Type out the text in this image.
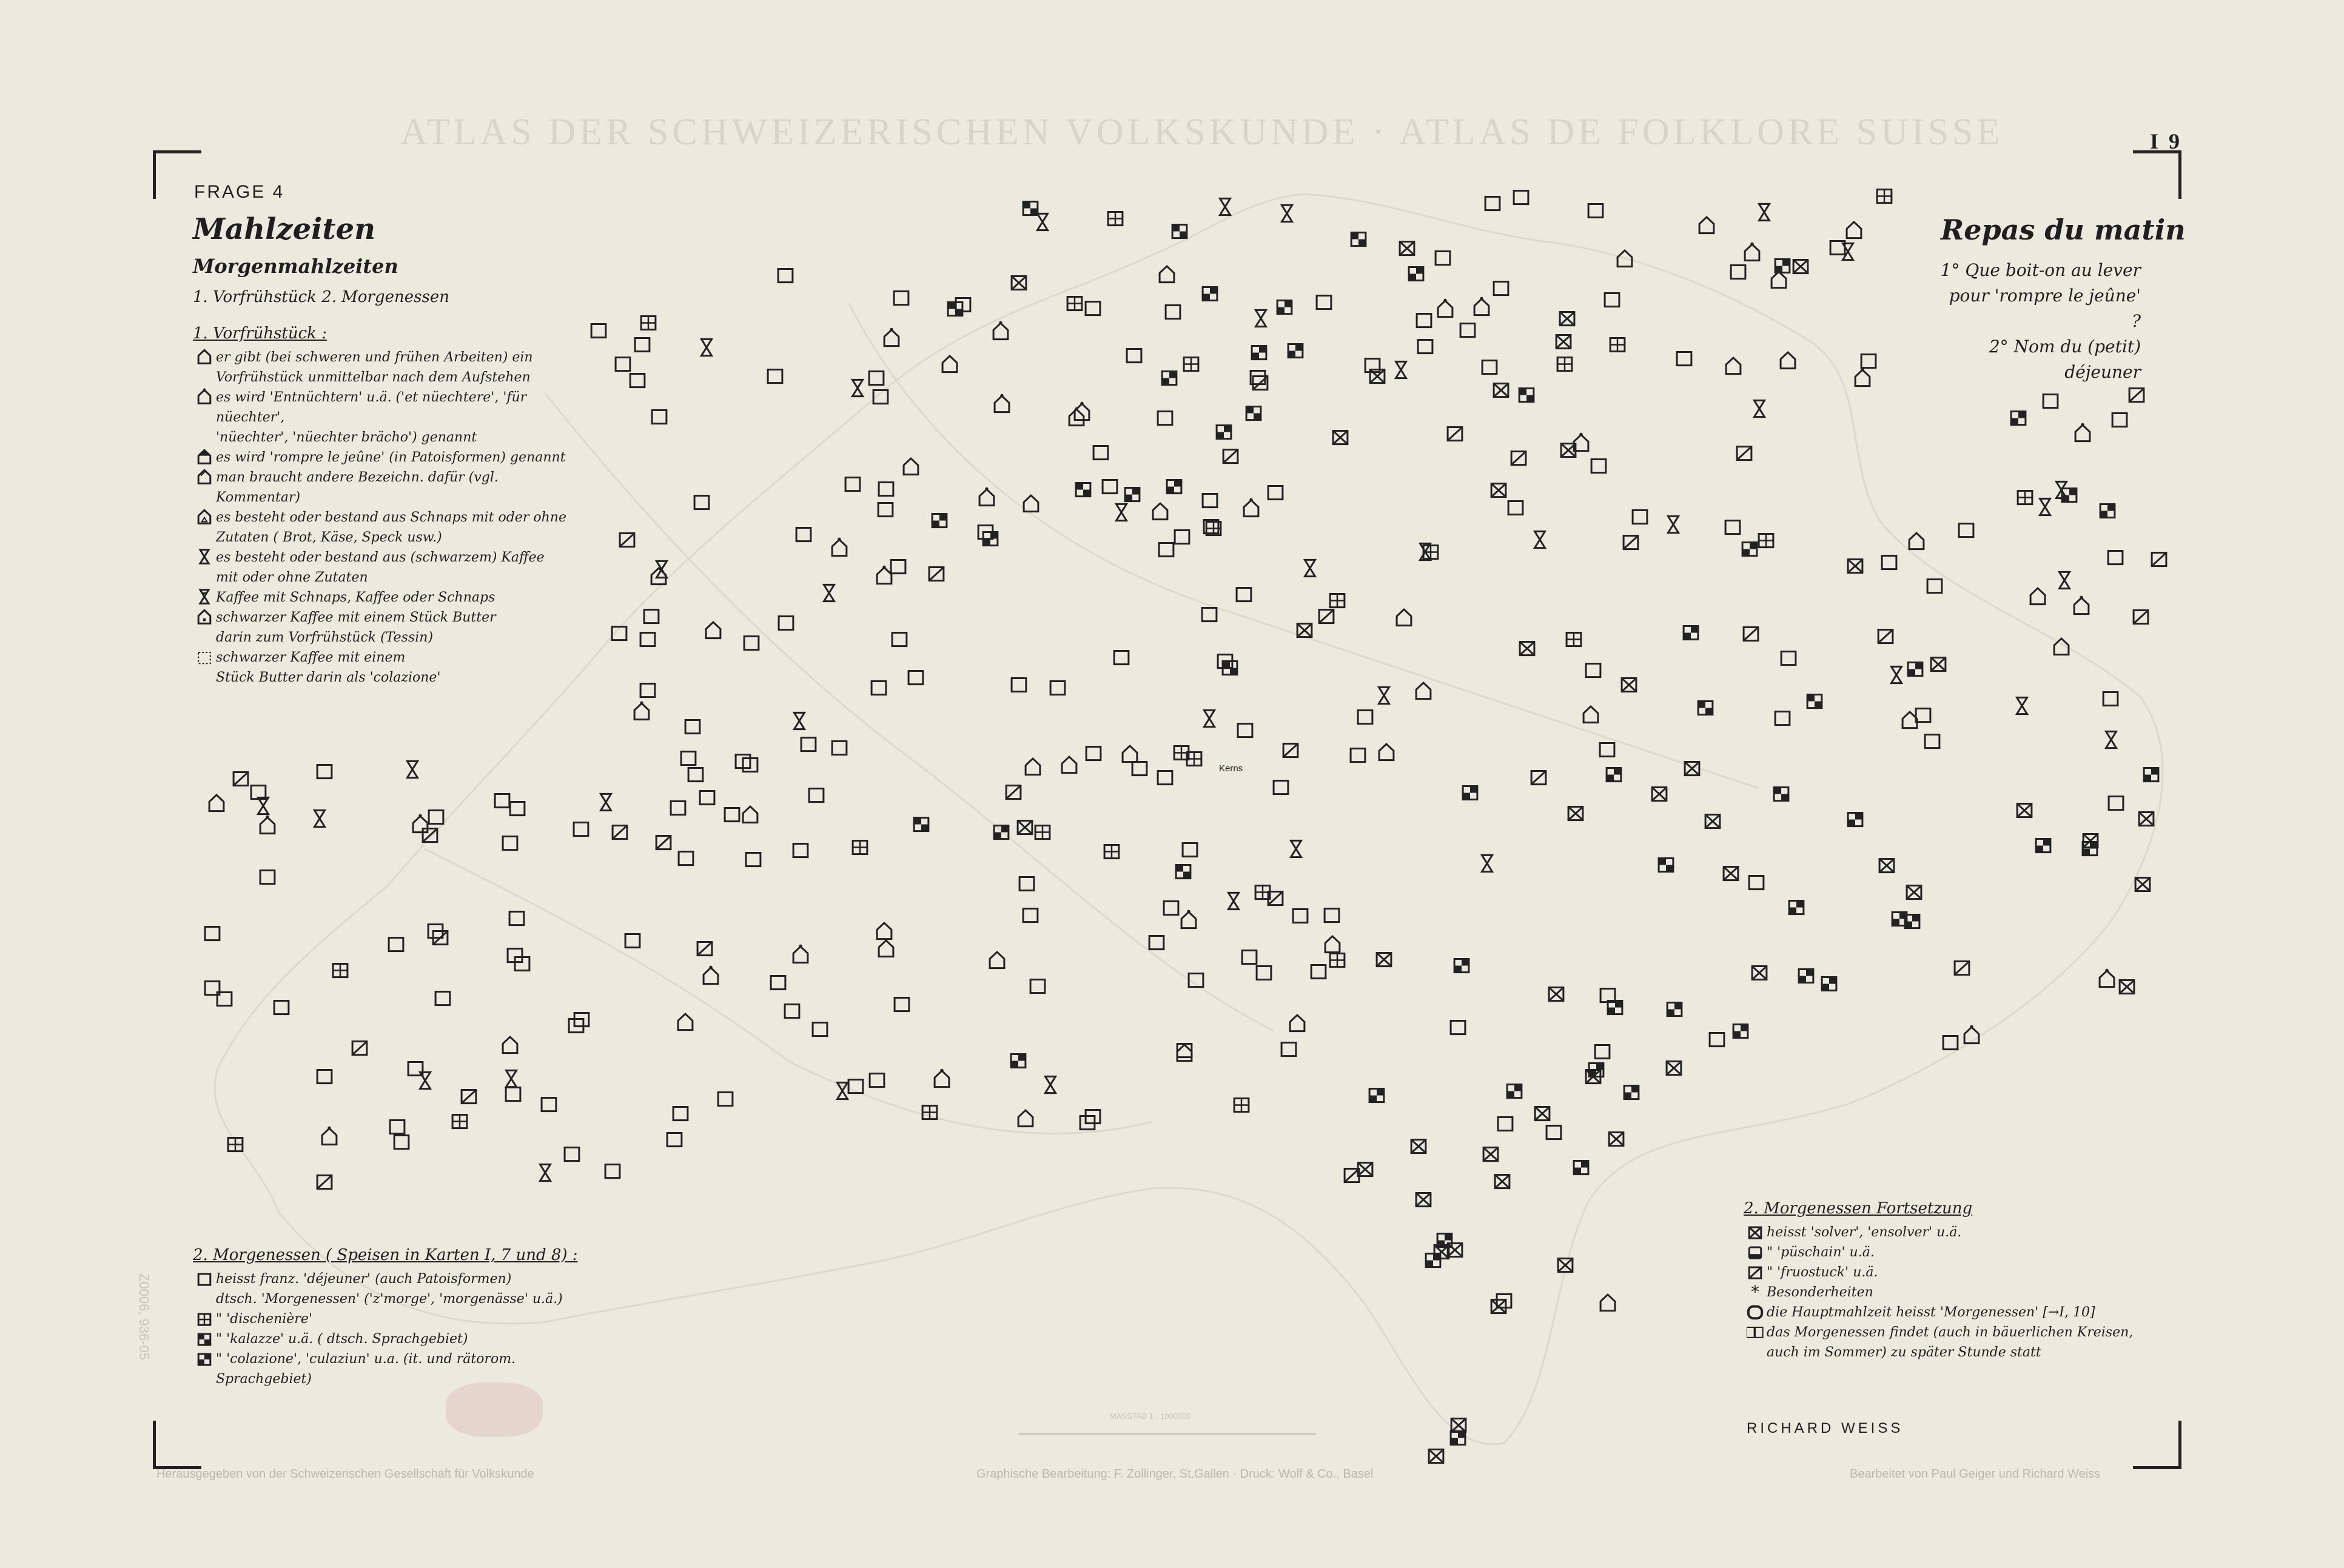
ATLAS DER SCHWEIZERISCHEN VOLKSKUNDE · ATLAS DE FOLKLORE SUISSE	I 9
Kerns
MASSTAB 1 : 1000000
FRAGE 4
Mahlzeiten
Morgenmahlzeiten
1. Vorfrühstück 2. Morgenessen
1. Vorfrühstück :
er gibt (bei schweren und frühen Arbeiten) ein
Vorfrühstück unmittelbar nach dem Aufstehen
es wird 'Entnüchtern' u.ä. ('et nüechtere', 'für nüechter',
'nüechter', 'nüechter brächo') genannt
es wird 'rompre le jeûne' (in Patoisformen) genannt
man braucht andere Bezeichn. dafür (vgl. Kommentar)
es besteht oder bestand aus Schnaps mit oder ohne
Zutaten ( Brot, Käse, Speck usw.)
es besteht oder bestand aus (schwarzem) Kaffee
mit oder ohne Zutaten
Kaffee mit Schnaps, Kaffee oder Schnaps
schwarzer Kaffee mit einem Stück Butter
darin zum Vorfrühstück (Tessin)
schwarzer Kaffee mit einem
Stück Butter darin als 'colazione'
Repas du matin
1° Que boit-on au lever
pour 'rompre le jeûne' ?
2° Nom du (petit) déjeuner
2. Morgenessen ( Speisen in Karten I, 7 und 8) :
heisst franz. 'déjeuner' (auch Patoisformen)
dtsch. 'Morgenessen' ('z'morge', 'morgenässe' u.ä.)
" 'dischenière'
" 'kalazze' u.ä. ( dtsch. Sprachgebiet)
" 'colazione', 'culaziun' u.a. (it. und rätorom.
Sprachgebiet)
2. Morgenessen Fortsetzung
heisst 'solver', 'ensolver' u.ä.
" 'püschain' u.ä.
" 'fruostuck' u.ä.
* Besonderheiten
die Hauptmahlzeit heisst 'Morgenessen' [→I, 10]
das Morgenessen findet (auch in bäuerlichen Kreisen,
auch im Sommer) zu später Stunde statt
RICHARD WEISS
Herausgegeben von der Schweizerischen Gesellschaft für Volkskunde	Graphische Bearbeitung: F. Zollinger, St.Gallen · Druck: Wolf & Co., Basel	Bearbeitet von Paul Geiger und Richard Weiss
Z0006, 936-05
